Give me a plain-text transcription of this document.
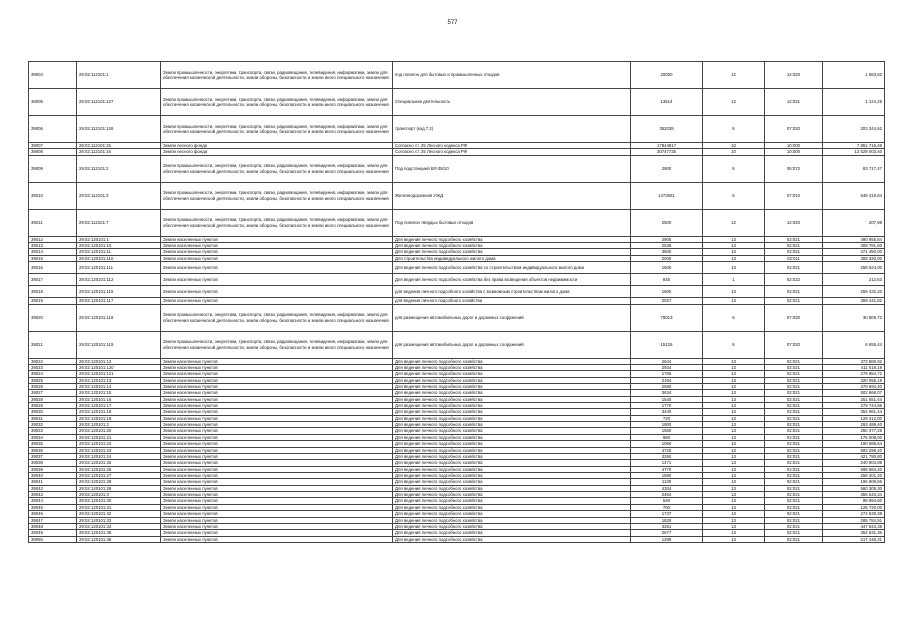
577
39004	29:02:112101:1	Земли промышленности, энергетики, транспорта, связи, радиовещания, телевидения, информатики, земли для обеспечения космической деятельности, земли обороны, безопасности и земли иного специального назначения	под полигон для бытовых и промышленных отходов	20000	12	12:020	1 663,82
39005	29:02:112101:127	Земли промышленности, энергетики, транспорта, связи, радиовещания, телевидения, информатики, земли для обеспечения космической деятельности, земли обороны, безопасности и земли иного специального назначения	Специальная деятельность	13514	12	12:021	1 124,25
39006	29:02:112101:126	Земли промышленности, энергетики, транспорта, связи, радиовещания, телевидения, информатики, земли для обеспечения космической деятельности, земли обороны, безопасности и земли иного специального назначения	транспорт (код 7.2)	352039	6	07:020	203 344,62
39007	29:02:112101:15	Земли лесного фонда	Согласно ст. 25 Лесного кодекса РФ	17844817	10	10:000	7 851 719,48
39008	29:02:112101:16	Земли лесного фонда	Согласно ст. 25 Лесного кодекса РФ	30747735	10	10:000	13 529 003,40
39009	29:02:112101:2	Земли промышленности, энергетики, транспорта, связи, радиовещания, телевидения, информатики, земли для обеспечения космической деятельности, земли обороны, безопасности и земли иного специального назначения	Под подстанцией ВЛ-35/10	2900	6	06:072	83 717,47
39010	29:02:112101:3	Земли промышленности, энергетики, транспорта, связи, радиовещания, телевидения, информатики, земли для обеспечения космической деятельности, земли обороны, безопасности и земли иного специального назначения	Железнодорожная УЖД	1473661	6	07:010	648 419,84
39011	29:02:112101:7	Земли промышленности, энергетики, транспорта, связи, радиовещания, телевидения, информатики, земли для обеспечения космической деятельности, земли обороны, безопасности и земли иного специального назначения	Под полигон твердых бытовых отходов	2500	12	12:020	207,98
39012	29:02:120101:1	Земли населенных пунктов	Для ведения личного подсобного хозяйства	2905	13	02:021	490 955,84
39013	29:02:120101:10	Земли населенных пунктов	Для ведения личного подсобного хозяйства	2535	13	02:021	308 781,60
39014	29:02:120101:11	Земли населенных пунктов	Для ведения личного подсобного хозяйства	3500	13	02:021	471 450,00
39015	29:02:120101:110	Земли населенных пунктов	Для строительства индивидуального жилого дома	2000	13	02:011	308 320,00
39016	29:02:120101:111	Земли населенных пунктов	Для ведения личного подсобного хозяйства со строительством индивидуального жилого дома	1600	13	02:021	258 624,00
39017	29:02:120101:112	Земли населенных пунктов	Для ведения личного подсобного хозяйства без права возведения объектов недвижимости	845	1	02:022	212,63
39018	29:02:120101:115	Земли населенных пунктов	для ведения личного подсобного хозяйства с возможным строительством жилого дома	1605	13	02:021	259 432,20
39019	29:02:120101:117	Земли населенных пунктов	для ведения личного подсобного хозяйства	2027	13	02:021	369 441,82
39020	29:02:120101:118	Земли промышленности, энергетики, транспорта, связи, радиовещания, телевидения, информатики, земли для обеспечения космической деятельности, земли обороны, безопасности и земли иного специального назначения	для размещения автомобильных дорог и дорожных сооружений	79013	6	07:020	30 805,72
39021	29:02:120101:119	Земли промышленности, энергетики, транспорта, связи, радиовещания, телевидения, информатики, земли для обеспечения космической деятельности, земли обороны, безопасности и земли иного специального назначения	для размещения автомобильных дорог и дорожных сооружений	15126	6	07:020	6 655,44
39022	29:02:120101:12	Земли населенных пунктов	Для ведения личного подсобного хозяйства	2644	13	02:021	373 869,92
39023	29:02:120101:120	Земли населенных пунктов	Для ведения личного подсобного хозяйства	2934	13	02:021	411 018,19
39024	29:02:120101:121	Земли населенных пунктов	Для ведения личного подсобного хозяйства	1765	13	02:021	278 954,72
39025	29:02:120101:13	Земли населенных пунктов	Для ведения личного подсобного хозяйства	2194	13	02:021	320 055,19
39026	29:02:120101:14	Земли населенных пунктов	Для ведения личного подсобного хозяйства	2580	13	02:021	370 694,40
39027	29:02:120101:15	Земли населенных пунктов	Для ведения личного подсобного хозяйства	3634	13	02:021	502 668,07
39028	29:02:120101:16	Земли населенных пунктов	Для ведения личного подсобного хозяйства	1540	13	02:021	251 651,44
39029	29:02:120101:17	Земли населенных пунктов	Для ведения личного подсобного хозяйства	1770	13	02:021	279 744,86
39030	29:02:120101:18	Земли населенных пунктов	Для ведения личного подсобного хозяйства	3440	13	02:021	354 961,44
39031	29:02:120101:19	Земли населенных пунктов	Для ведения личного подсобного хозяйства	720	13	02:021	129 312,00
39032	29:02:120101:2	Земли населенных пунктов	Для ведения личного подсобного хозяйства	1900	13	02:021	293 489,40
39033	29:02:120101:20	Земли населенных пунктов	Для ведения личного подсобного хозяйства	1560	13	02:021	250 377,28
39034	29:02:120101:21	Земли населенных пунктов	Для ведения личного подсобного хозяйства	980	13	02:021	176 008,00
39035	29:02:120101:22	Земли населенных пунктов	Для ведения личного подсобного хозяйства	1060	13	02:021	190 588,64
39036	29:02:120101:23	Земли населенных пунктов	Для ведения личного подсобного хозяйства	4720	13	02:021	593 298,40
39037	29:02:120101:24	Земли населенных пунктов	Для ведения личного подсобного хозяйства	3260	13	02:021	421 780,80
39038	29:02:120101:25	Земли населенных пунктов	Для ведения личного подсобного хозяйства	1471	13	02:021	240 904,89
39039	29:02:120101:26	Земли населенных пунктов	Для ведения личного подсобного хозяйства	4770	13	02:021	599 584,40
39040	29:02:120101:27	Земли населенных пунктов	Для ведения личного подсобного хозяйства	1580	13	02:021	258 201,20
39041	29:02:120101:28	Земли населенных пунктов	Для ведения личного подсобного хозяйства	1130	13	02:021	196 809,56
39042	29:02:120101:29	Земли населенных пунктов	Для ведения личного подсобного хозяйства	4304	13	02:021	560 305,30
39043	29:02:120101:3	Земли населенных пунктов	Для ведения личного подсобного хозяйства	2464	13	02:021	355 543,34
39044	29:02:120101:30	Земли населенных пунктов	Для ведения личного подсобного хозяйства	540	13	02:021	98 994,60
39045	29:02:120101:31	Земли населенных пунктов	Для ведения личного подсобного хозяйства	700	13	02:021	125 720,00
39046	29:02:120101:32	Земли населенных пунктов	Для ведения личного подсобного хозяйства	1737	13	02:021	274 529,38
39047	29:02:120101:33	Земли населенных пунктов	Для ведения личного подсобного хозяйства	1829	13	02:021	285 784,91
39048	29:02:120101:34	Земли населенных пунктов	Для ведения личного подсобного хозяйства	3281	13	02:021	447 843,38
39049	29:02:120101:35	Земли населенных пунктов	Для ведения личного подсобного хозяйства	2677	13	02:021	364 631,36
39050	29:02:120101:36	Земли населенных пунктов	Для ведения личного подсобного хозяйства	1288	13	02:021	217 446,31
